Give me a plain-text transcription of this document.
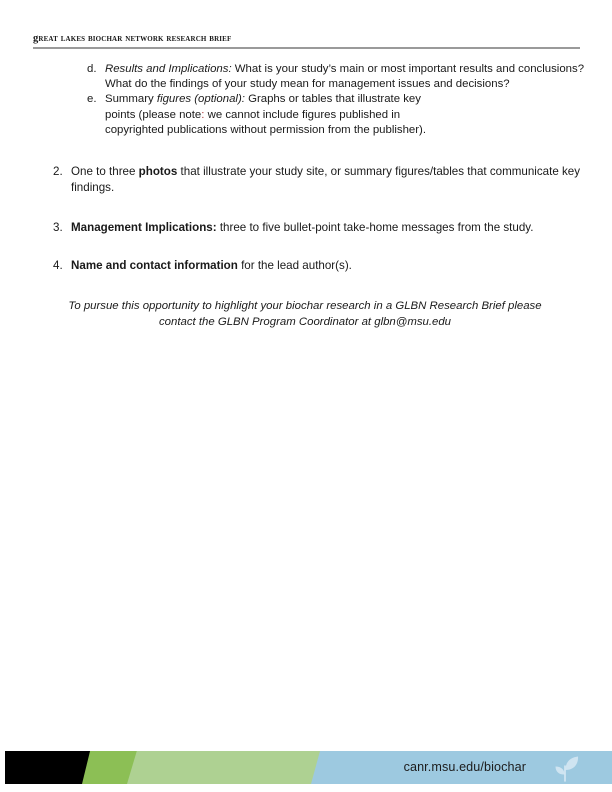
great lakes biochar network research brief
d. Results and Implications: What is your study’s main or most important results and conclusions? What do the findings of your study mean for management issues and decisions?
e. Summary figures (optional): Graphs or tables that illustrate key
points (please note: we cannot include figures published in
copyrighted publications without permission from the publisher).
2. One to three photos that illustrate your study site, or summary figures/tables that communicate key findings.
3. Management Implications: three to five bullet-point take-home messages from the study.
4. Name and contact information for the lead author(s).
To pursue this opportunity to highlight your biochar research in a GLBN Research Brief please contact the GLBN Program Coordinator at glbn@msu.edu
canr.msu.edu/biochar
